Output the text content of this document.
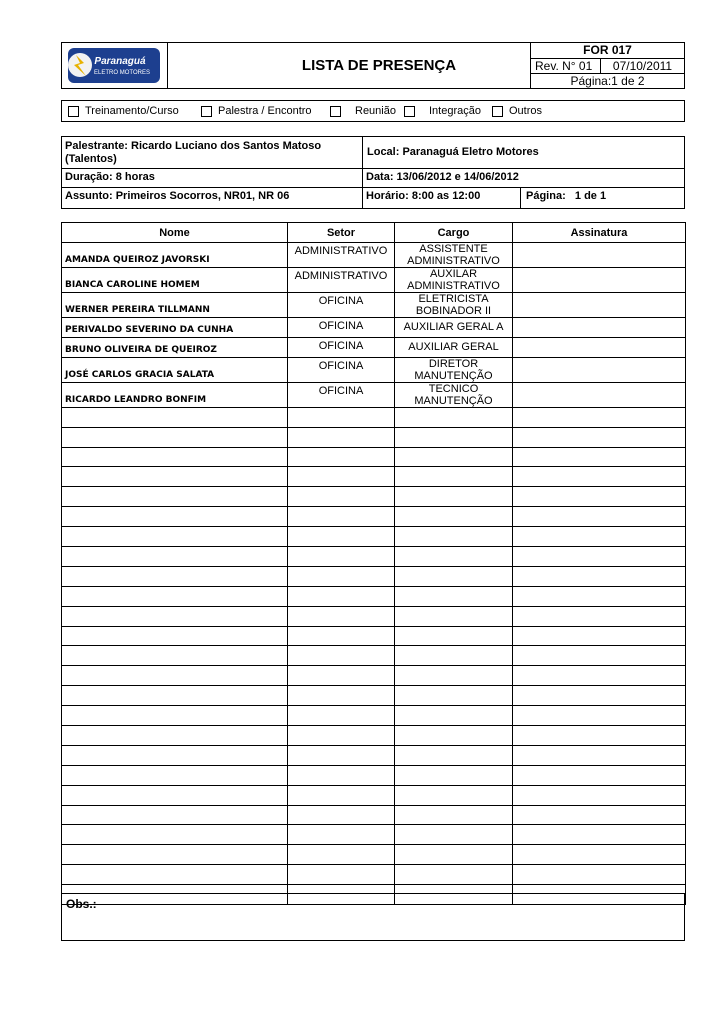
Paranaguá
ELETRO MOTORES	LISTA DE PRESENÇA
FOR 017
Rev. N° 01	07/10/2011
Página:1 de 2
Treinamento/Curso	Palestra / Encontro	Reunião	Integração	Outros
Palestrante: Ricardo Luciano dos Santos Matoso (Talentos)
Local: Paranaguá Eletro Motores
Duração: 8 horas	Data: 13/06/2012 e 14/06/2012
Assunto: Primeiros Socorros, NR01, NR 06	Horário: 8:00 as 12:00	Página: 1 de 1
Nome	Setor	Cargo	Assinatura
AMANDA QUEIROZ JAVORSKI	ADMINISTRATIVO	ASSISTENTE ADMINISTRATIVO	
BIANCA CAROLINE HOMEM	ADMINISTRATIVO	AUXILAR ADMINISTRATIVO	
WERNER PEREIRA TILLMANN	OFICINA	ELETRICISTA BOBINADOR II	
PERIVALDO SEVERINO DA CUNHA	OFICINA	AUXILIAR GERAL A	
BRUNO OLIVEIRA DE QUEIROZ	OFICINA	AUXILIAR GERAL	
JOSÉ CARLOS GRACIA SALATA	OFICINA	DIRETOR MANUTENÇÃO	
RICARDO LEANDRO BONFIM	OFICINA	TECNICO MANUTENÇÃO	

Obs.:
